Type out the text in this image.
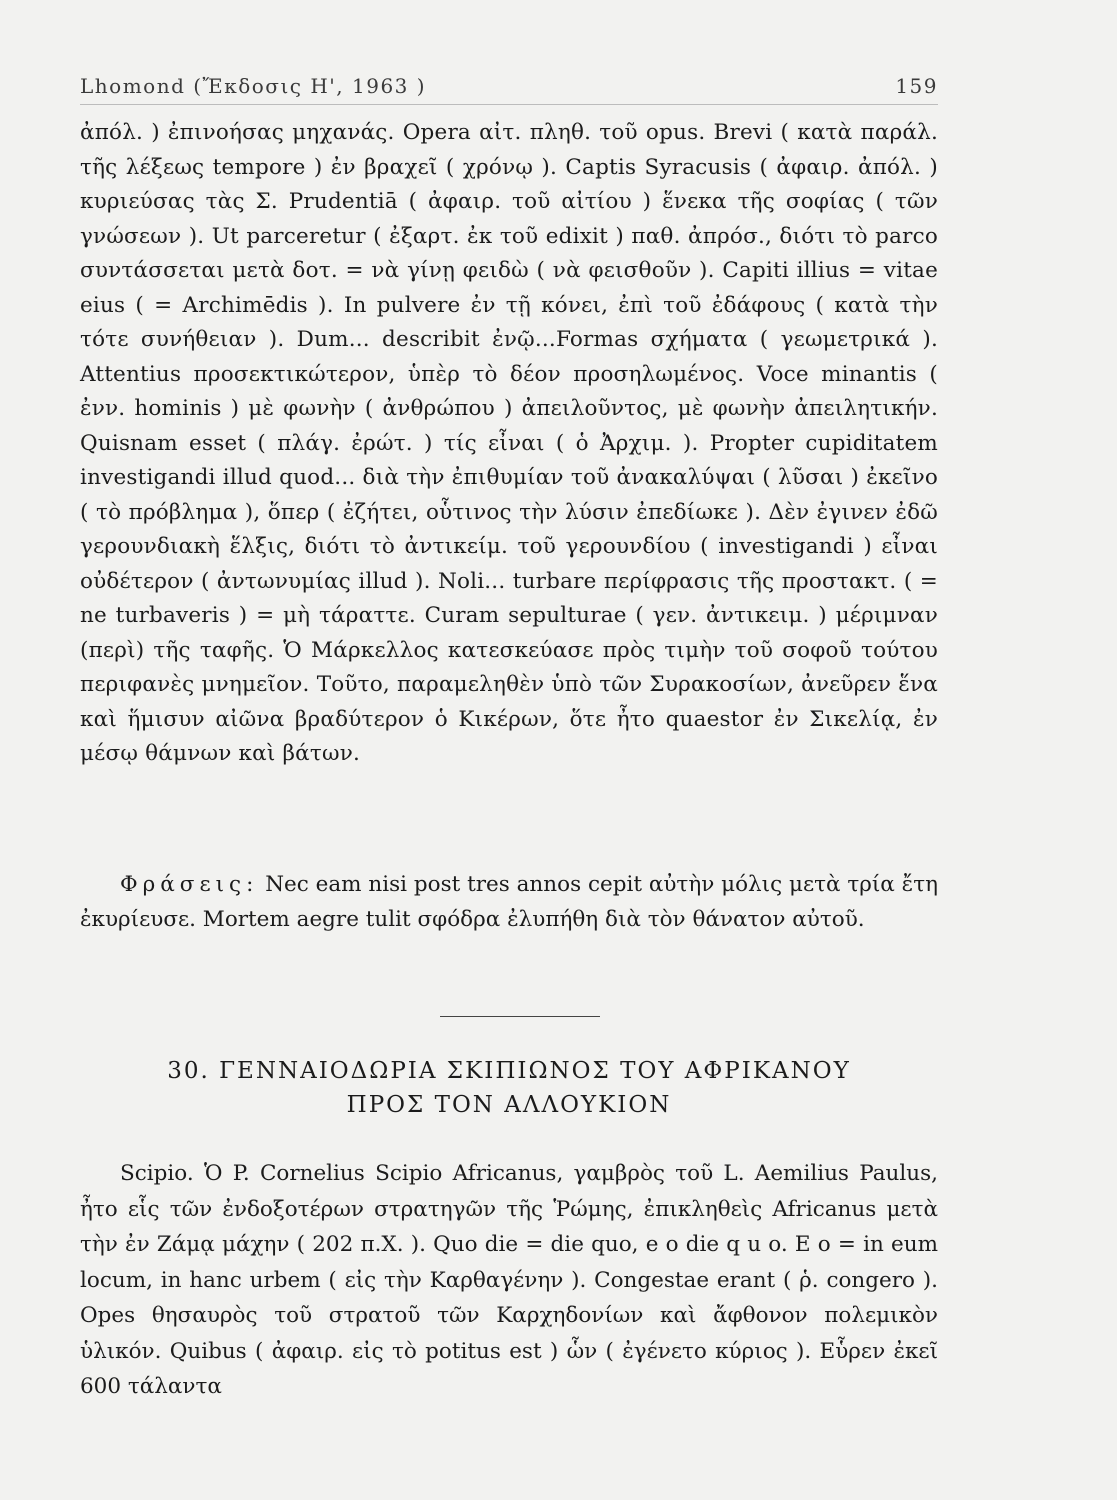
Lhomond (Ἔκδοσις Η', 1963 )	159

ἀπόλ. ) ἐπινοήσας μηχανάς. Opera αἰτ. πληθ. τοῦ opus. Brevi ( κατὰ παράλ. τῆς λέξεως tempore ) ἐν βραχεῖ ( χρόνῳ ). Captis Syracusis ( ἀφαιρ. ἀπόλ. ) κυριεύσας τὰς Σ. Prudentiā ( ἀφαιρ. τοῦ αἰτίου ) ἕνεκα τῆς σοφίας ( τῶν γνώσεων ). Ut parceretur ( ἐξαρτ. ἐκ τοῦ edixit ) παθ. ἀπρόσ., διότι τὸ parco συντάσσεται μετὰ δοτ. = νὰ γίνῃ φειδὼ ( νὰ φεισθοῦν ). Capiti illius = vitae eius ( = Archimēdis ). In pulvere ἐν τῇ κόνει, ἐπὶ τοῦ ἐδάφους ( κατὰ τὴν τότε συνήθειαν ). Dum... describit ἐνῷ...Formas σχήματα ( γεωμετρικά ). Attentius προσεκτικώτερον, ὑπὲρ τὸ δέον προσηλωμένος. Voce minantis ( ἐνν. hominis ) μὲ φωνὴν ( ἀνθρώπου ) ἀπειλοῦντος, μὲ φωνὴν ἀπειλητικήν. Quisnam esset ( πλάγ. ἐρώτ. ) τίς εἶναι ( ὁ Ἀρχιμ. ). Propter cupiditatem investigandi illud quod... διὰ τὴν ἐπιθυμίαν τοῦ ἀνακαλύψαι ( λῦσαι ) ἐκεῖνο ( τὸ πρόβλημα ), ὅπερ ( ἐζήτει, οὗτινος τὴν λύσιν ἐπεδίωκε ). Δὲν ἐγινεν ἐδῶ γερουνδιακὴ ἕλξις, διότι τὸ ἀντικείμ. τοῦ γερουνδίου ( investigandi ) εἶναι οὐδέτερον ( ἀντωνυμίας illud ). Noli... turbare περίφρασις τῆς προστακτ. ( = ne turbaveris ) = μὴ τάραττε. Curam sepulturae ( γεν. ἀντικειμ. ) μέριμναν (περὶ) τῆς ταφῆς. Ὁ Μάρκελλος κατεσκεύασε πρὸς τιμὴν τοῦ σοφοῦ τούτου περιφανὲς μνημεῖον. Τοῦτο, παραμεληθὲν ὑπὸ τῶν Συρακοσίων, ἀνεῦρεν ἕνα καὶ ἥμισυν αἰῶνα βραδύτερον ὁ Κικέρων, ὅτε ἦτο quaestor ἐν Σικελίᾳ, ἐν μέσῳ θάμνων καὶ βάτων.

Φράσεις: Nec eam nisi post tres annos cepit αὐτὴν μόλις μετὰ τρία ἔτη ἐκυρίευσε. Mortem aegre tulit σφόδρα ἐλυπήθη διὰ τὸν θάνατον αὐτοῦ.

30. ΓΕΝΝΑΙΟΔΩΡΙΑ ΣΚΙΠΙΩΝΟΣ ΤΟΥ ΑΦΡΙΚΑΝΟΥ
ΠΡΟΣ ΤΟΝ ΑΛΛΟΥΚΙΟΝ

Scipio. Ὁ P. Cornelius Scipio Africanus, γαμβρὸς τοῦ L. Aemilius Paulus, ἦτο εἷς τῶν ἐνδοξοτέρων στρατηγῶν τῆς Ῥώμης, ἐπικληθεὶς Africanus μετὰ τὴν ἐν Ζάμᾳ μάχην ( 202 π.Χ. ). Quo die = die quo, e o die q u o. E o = in eum locum, in hanc urbem ( εἰς τὴν Καρθαγένην ). Congestae erant ( ῥ. congero ). Opes θησαυρὸς τοῦ στρατοῦ τῶν Καρχηδονίων καὶ ἄφθονον πολεμικὸν ὑλικόν. Quibus ( ἀφαιρ. εἰς τὸ potitus est ) ὧν ( ἐγένετο κύριος ). Εὗρεν ἐκεῖ 600 τάλαντα
